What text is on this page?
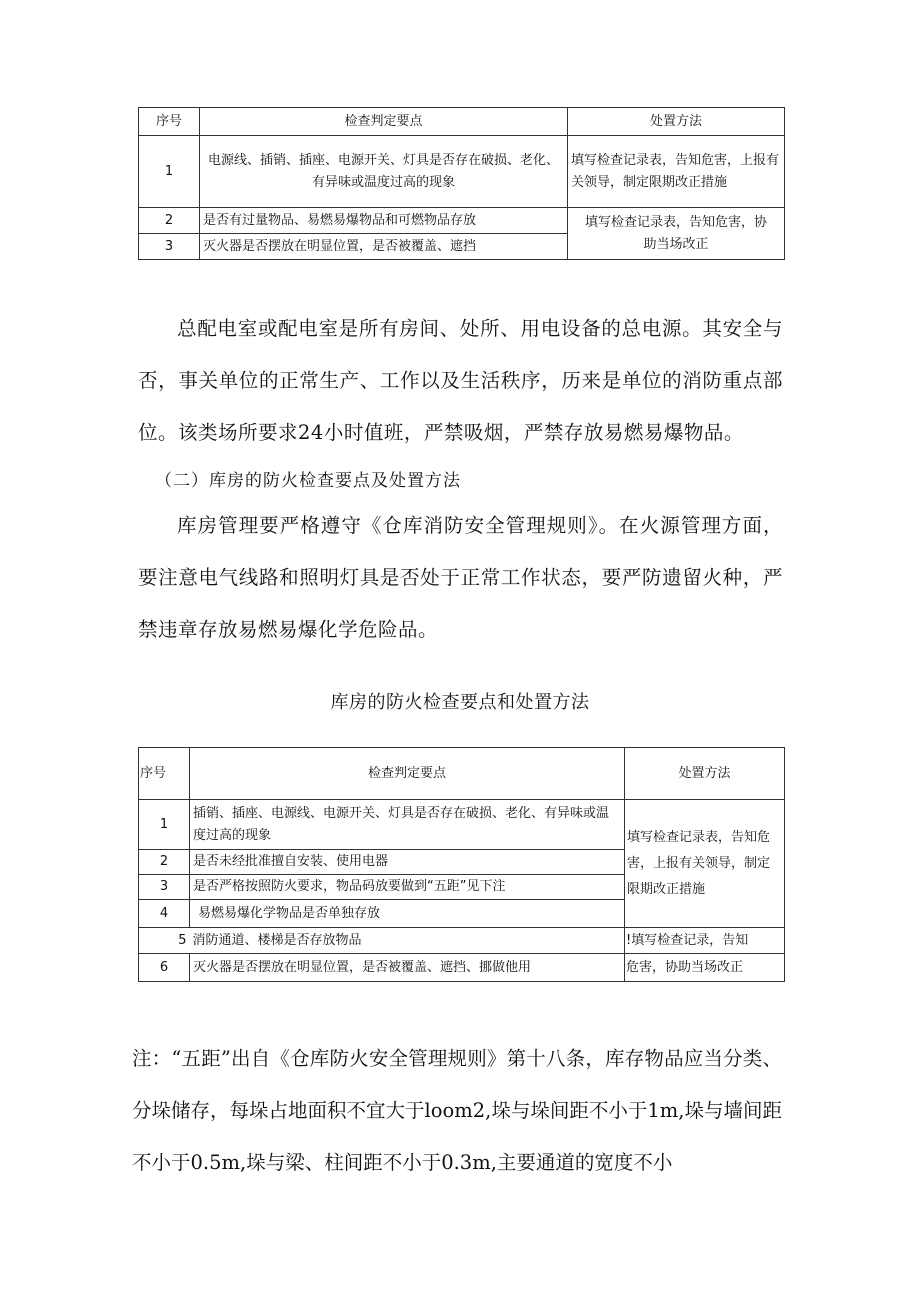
序号	检查判定要点	处置方法
1	电源线、插销、插座、电源开关、灯具是否存在破损、老化、有异味或温度过高的现象	填写检查记录表，告知危害，上报有关领导，制定限期改正措施
2	是否有过量物品、易燃易爆物品和可燃物品存放	填写检查记录表，告知危害，协助当场改正
3	灭火器是否摆放在明显位置，是否被覆盖、遮挡	
总配电室或配电室是所有房间、处所、用电设备的总电源。其安全与否，事关单位的正常生产、工作以及生活秩序，历来是单位的消防重点部位。该类场所要求24小时值班，严禁吸烟，严禁存放易燃易爆物品。
（二）库房的防火检查要点及处置方法
库房管理要严格遵守《仓库消防安全管理规则》。在火源管理方面，要注意电气线路和照明灯具是否处于正常工作状态，要严防遗留火种，严禁违章存放易燃易爆化学危险品。
库房的防火检查要点和处置方法
序号	检查判定要点	处置方法
1	插销、插座、电源线、电源开关、灯具是否存在破损、老化、有异味或温度过高的现象	填写检查记录表，告知危害，上报有关领导，制定限期改正措施
2	是否未经批准擅自安装、使用电器	
3	是否严格按照防火要求，物品码放要做到“五距”见下注	
4	易燃易爆化学物品是否单独存放	
5	消防通道、楼梯是否存放物品	!填写检查记录，告知
6	灭火器是否摆放在明显位置，是否被覆盖、遮挡、挪做他用	危害，协助当场改正
注：“五距”出自《仓库防火安全管理规则》第十八条，库存物品应当分类、分垛储存，每垛占地面积不宜大于loom2,垛与垛间距不小于1m,垛与墙间距不小于0.5m,垛与梁、柱间距不小于0.3m,主要通道的宽度不小
